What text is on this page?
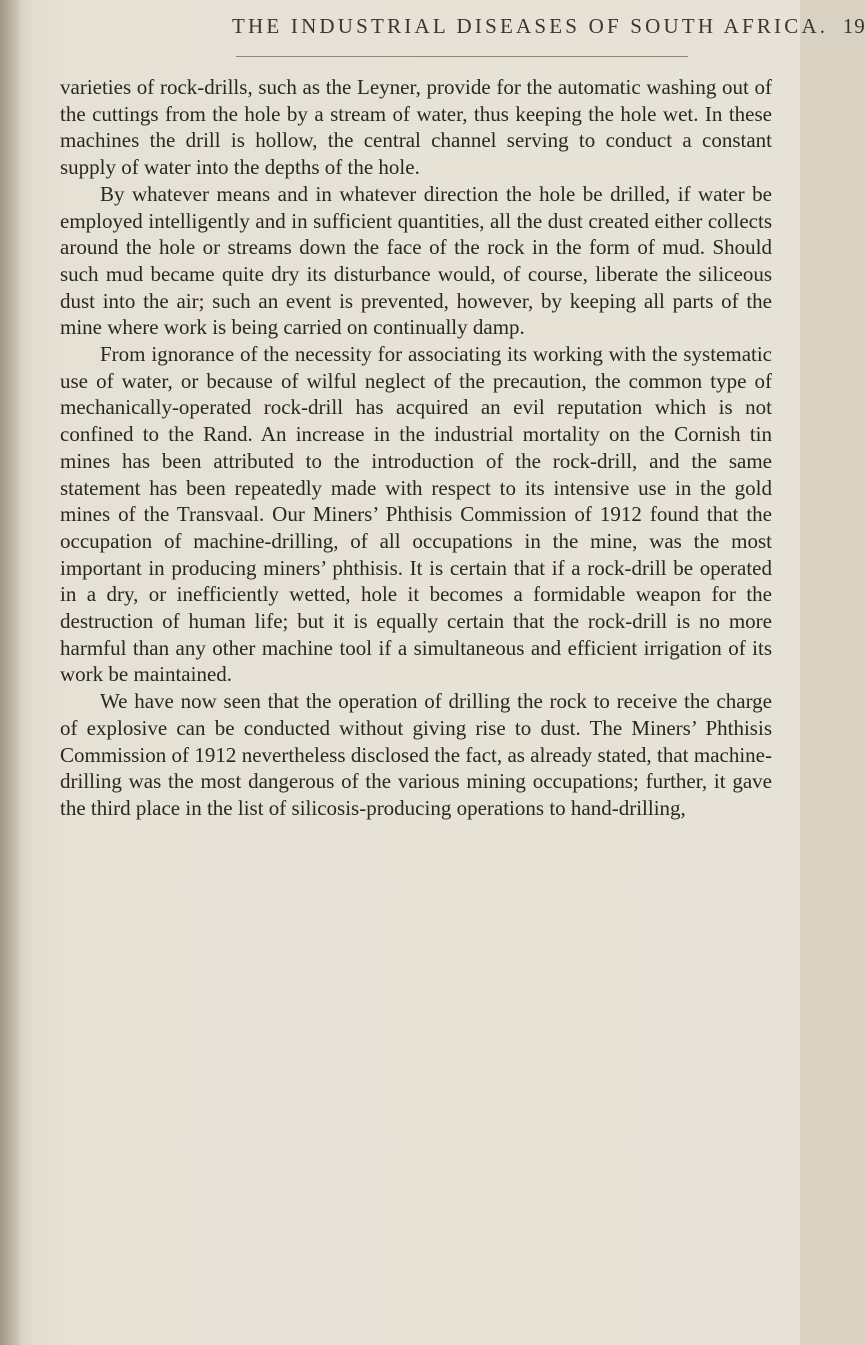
THE INDUSTRIAL DISEASES OF SOUTH AFRICA. 19

varieties of rock-drills, such as the Leyner, provide for the automatic washing out of the cuttings from the hole by a stream of water, thus keeping the hole wet. In these machines the drill is hollow, the central channel serving to conduct a constant supply of water into the depths of the hole.

By whatever means and in whatever direction the hole be drilled, if water be employed intelligently and in sufficient quantities, all the dust created either collects around the hole or streams down the face of the rock in the form of mud. Should such mud became quite dry its disturbance would, of course, liberate the siliceous dust into the air; such an event is prevented, however, by keeping all parts of the mine where work is being carried on continually damp.

From ignorance of the necessity for associating its working with the systematic use of water, or because of wilful neglect of the precaution, the common type of mechanically-operated rock-drill has acquired an evil reputation which is not confined to the Rand. An increase in the industrial mortality on the Cornish tin mines has been attributed to the introduction of the rock-drill, and the same statement has been repeatedly made with respect to its intensive use in the gold mines of the Transvaal. Our Miners’ Phthisis Commission of 1912 found that the occupation of machine-drilling, of all occupations in the mine, was the most important in producing miners’ phthisis. It is certain that if a rock-drill be operated in a dry, or inefficiently wetted, hole it becomes a formidable weapon for the destruction of human life; but it is equally certain that the rock-drill is no more harmful than any other machine tool if a simultaneous and efficient irrigation of its work be maintained.

We have now seen that the operation of drilling the rock to receive the charge of explosive can be conducted without giving rise to dust. The Miners’ Phthisis Commission of 1912 nevertheless disclosed the fact, as already stated, that machine-drilling was the most dangerous of the various mining occupations; further, it gave the third place in the list of silicosis-producing operations to hand-drilling,
